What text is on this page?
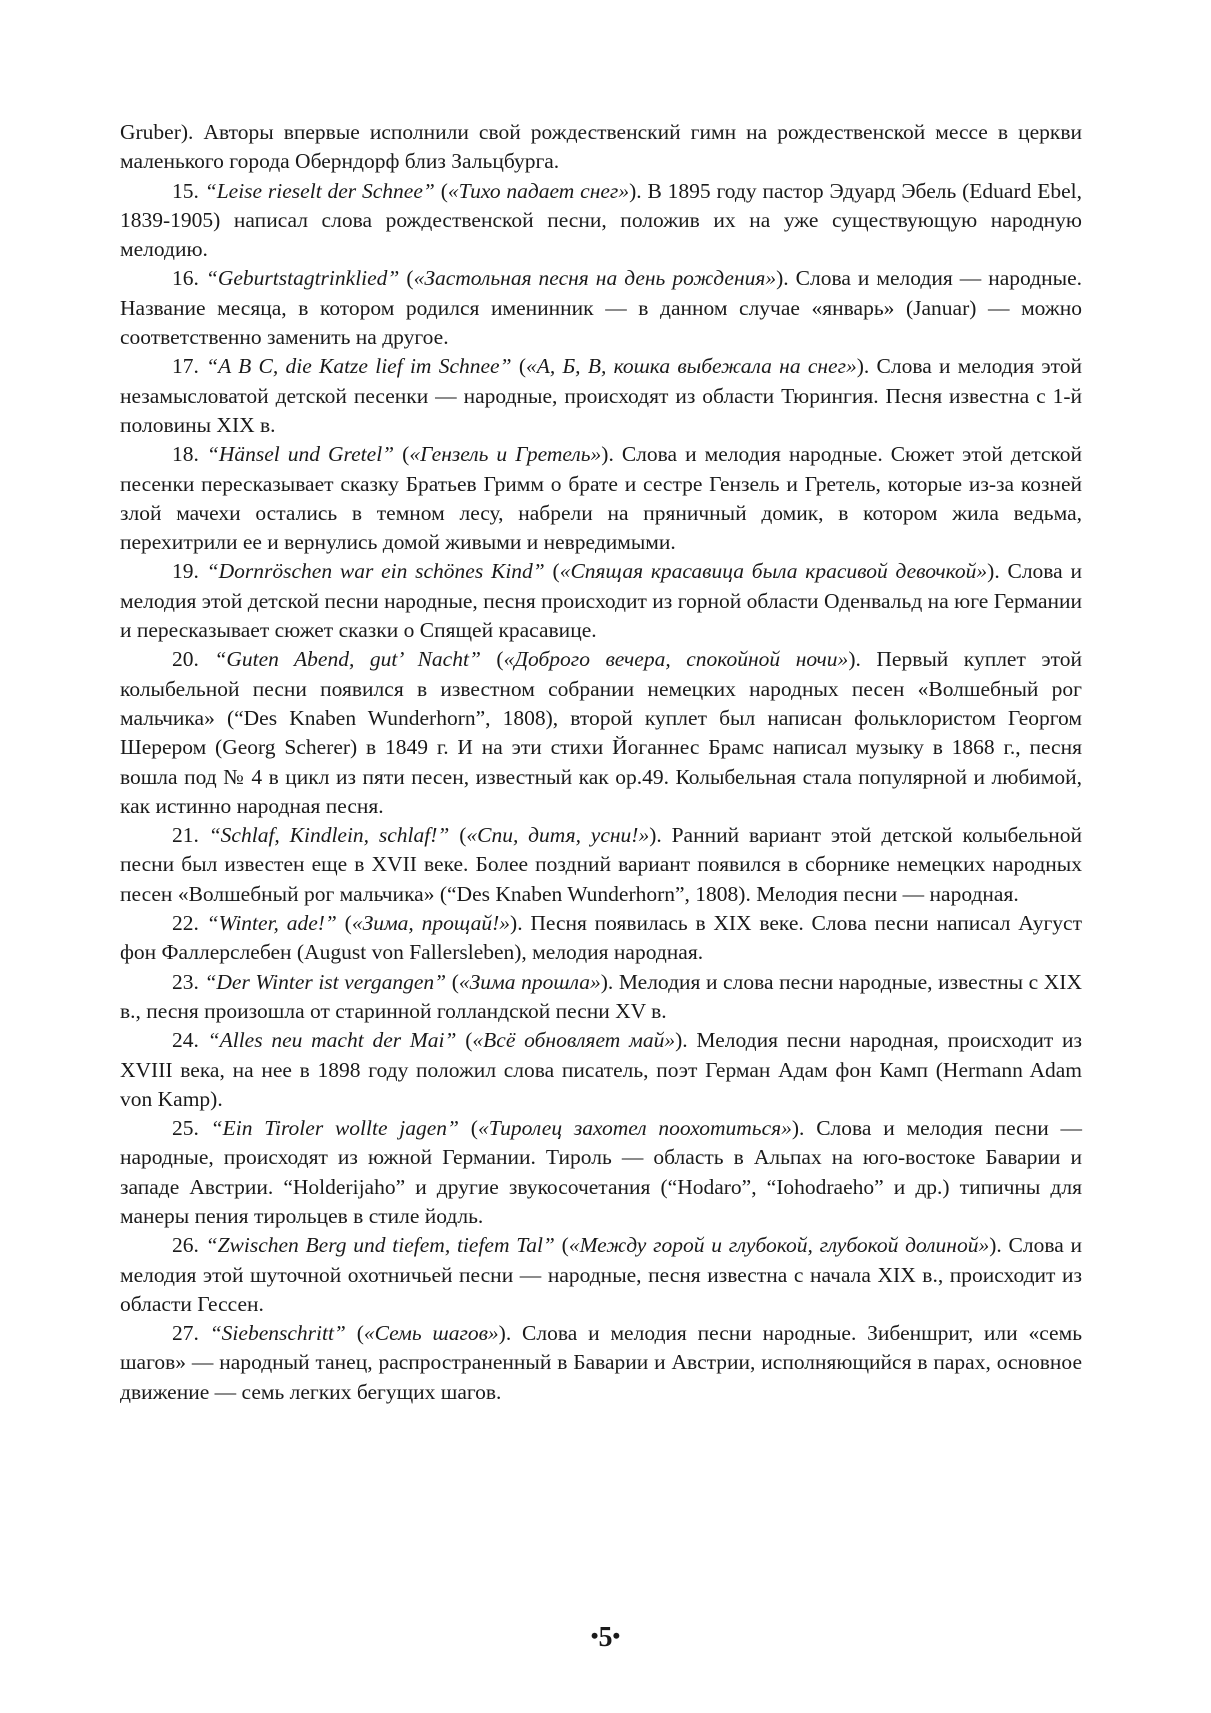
Gruber). Авторы впервые исполнили свой рождественский гимн на рождественской мессе в церкви маленького города Оберндорф близ Зальцбурга.

15. “Leise rieselt der Schnee” («Тихо падает снег»). В 1895 году пастор Эдуард Эбель (Eduard Ebel, 1839-1905) написал слова рождественской песни, положив их на уже существующую народную мелодию.

16. “Geburtstagtrinklied” («Застольная песня на день рождения»). Слова и мелодия — народные. Название месяца, в котором родился именинник — в данном случае «январь» (Januar) — можно соответственно заменить на другое.

17. “A B C, die Katze lief im Schnee” («А, Б, В, кошка выбежала на снег»). Слова и мелодия этой незамысловатой детской песенки — народные, происходят из области Тюрингия. Песня известна с 1-й половины XIX в.

18. “Hänsel und Gretel” («Гензель и Гретель»). Слова и мелодия народные. Сюжет этой детской песенки пересказывает сказку Братьев Гримм о брате и сестре Гензель и Гретель, которые из-за козней злой мачехи остались в темном лесу, набрели на пряничный домик, в котором жила ведьма, перехитрили ее и вернулись домой живыми и невредимыми.

19. “Dornröschen war ein schönes Kind” («Спящая красавица была красивой девочкой»). Слова и мелодия этой детской песни народные, песня происходит из горной области Оденвальд на юге Германии и пересказывает сюжет сказки о Спящей красавице.

20. “Guten Abend, gut’ Nacht” («Доброго вечера, спокойной ночи»). Первый куплет этой колыбельной песни появился в известном собрании немецких народных песен «Волшебный рог мальчика» (“Des Knaben Wunderhorn”, 1808), второй куплет был написан фольклористом Георгом Шерером (Georg Scherer) в 1849 г. И на эти стихи Йоганнес Брамс написал музыку в 1868 г., песня вошла под № 4 в цикл из пяти песен, известный как ор.49. Колыбельная стала популярной и любимой, как истинно народная песня.

21. “Schlaf, Kindlein, schlaf!” («Спи, дитя, усни!»). Ранний вариант этой детской колыбельной песни был известен еще в XVII веке. Более поздний вариант появился в сборнике немецких народных песен «Волшебный рог мальчика» (“Des Knaben Wunderhorn”, 1808). Мелодия песни — народная.

22. “Winter, ade!” («Зима, прощай!»). Песня появилась в XIX веке. Слова песни написал Аугуст фон Фаллерслебен (August von Fallersleben), мелодия народная.

23. “Der Winter ist vergangen” («Зима прошла»). Мелодия и слова песни народные, известны с XIX в., песня произошла от старинной голландской песни XV в.

24. “Alles neu macht der Mai” («Всё обновляет май»). Мелодия песни народная, происходит из XVIII века, на нее в 1898 году положил слова писатель, поэт Герман Адам фон Камп (Hermann Adam von Kamp).

25. “Ein Tiroler wollte jagen” («Тиролец захотел поохотиться»). Слова и мелодия песни — народные, происходят из южной Германии. Тироль — область в Альпах на юго-востоке Баварии и западе Австрии. “Holderijaho” и другие звукосочетания (“Hodaro”, “Iohodraeho” и др.) типичны для манеры пения тирольцев в стиле йодль.

26. “Zwischen Berg und tiefem, tiefem Tal” («Между горой и глубокой, глубокой долиной»). Слова и мелодия этой шуточной охотничьей песни — народные, песня известна с начала XIX в., происходит из области Гессен.

27. “Siebenschritt” («Семь шагов»). Слова и мелодия песни народные. Зибеншрит, или «семь шагов» — народный танец, распространенный в Баварии и Австрии, исполняющийся в парах, основное движение — семь легких бегущих шагов.

•5•
